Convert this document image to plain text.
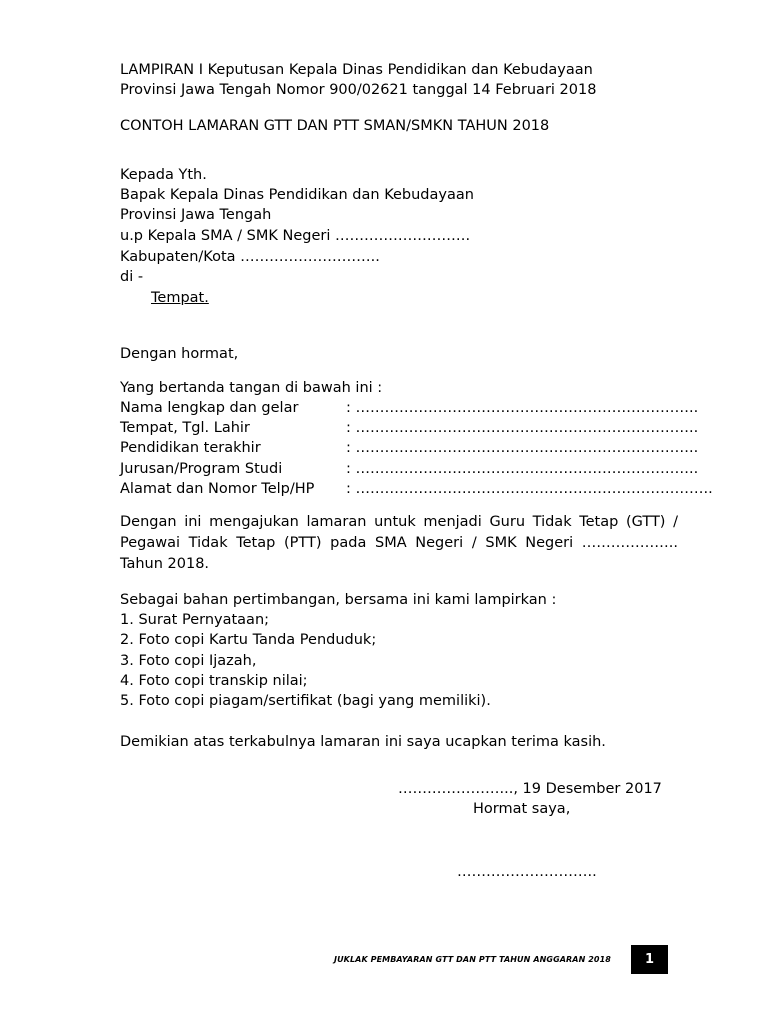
LAMPIRAN I Keputusan Kepala Dinas Pendidikan dan Kebudayaan
Provinsi Jawa Tengah Nomor 900/02621 tanggal 14 Februari 2018
CONTOH LAMARAN GTT DAN PTT SMAN/SMKN TAHUN 2018
Kepada Yth.
Bapak Kepala Dinas Pendidikan dan Kebudayaan
Provinsi Jawa Tengah
u.p Kepala SMA / SMK Negeri ……………………….
Kabupaten/Kota ………………………..
di -
Tempat.
Dengan hormat,
Yang bertanda tangan di bawah ini :
Nama lengkap dan gelar	: ……………………………………………………………..
Tempat, Tgl. Lahir	: ……………………………………………………………..
Pendidikan terakhir	: ……………………………………………………………..
Jurusan/Program Studi	: ……………………………………………………………..
Alamat dan Nomor Telp/HP : ………………………………………………………………..
Dengan ini mengajukan lamaran untuk menjadi Guru Tidak Tetap (GTT) / Pegawai Tidak Tetap (PTT) pada SMA Negeri / SMK Negeri ……………….. Tahun 2018.
Sebagai bahan pertimbangan, bersama ini kami lampirkan :
1. Surat Pernyataan;
2. Foto copi Kartu Tanda Penduduk;
3. Foto copi Ijazah,
4. Foto copi transkip nilai;
5. Foto copi piagam/sertifikat (bagi yang memiliki).
Demikian atas terkabulnya lamaran ini saya ucapkan terima kasih.
…………………..., 19 Desember 2017
Hormat saya,
………………………..
JUKLAK PEMBAYARAN GTT DAN PTT TAHUN ANGGARAN 2018	1
